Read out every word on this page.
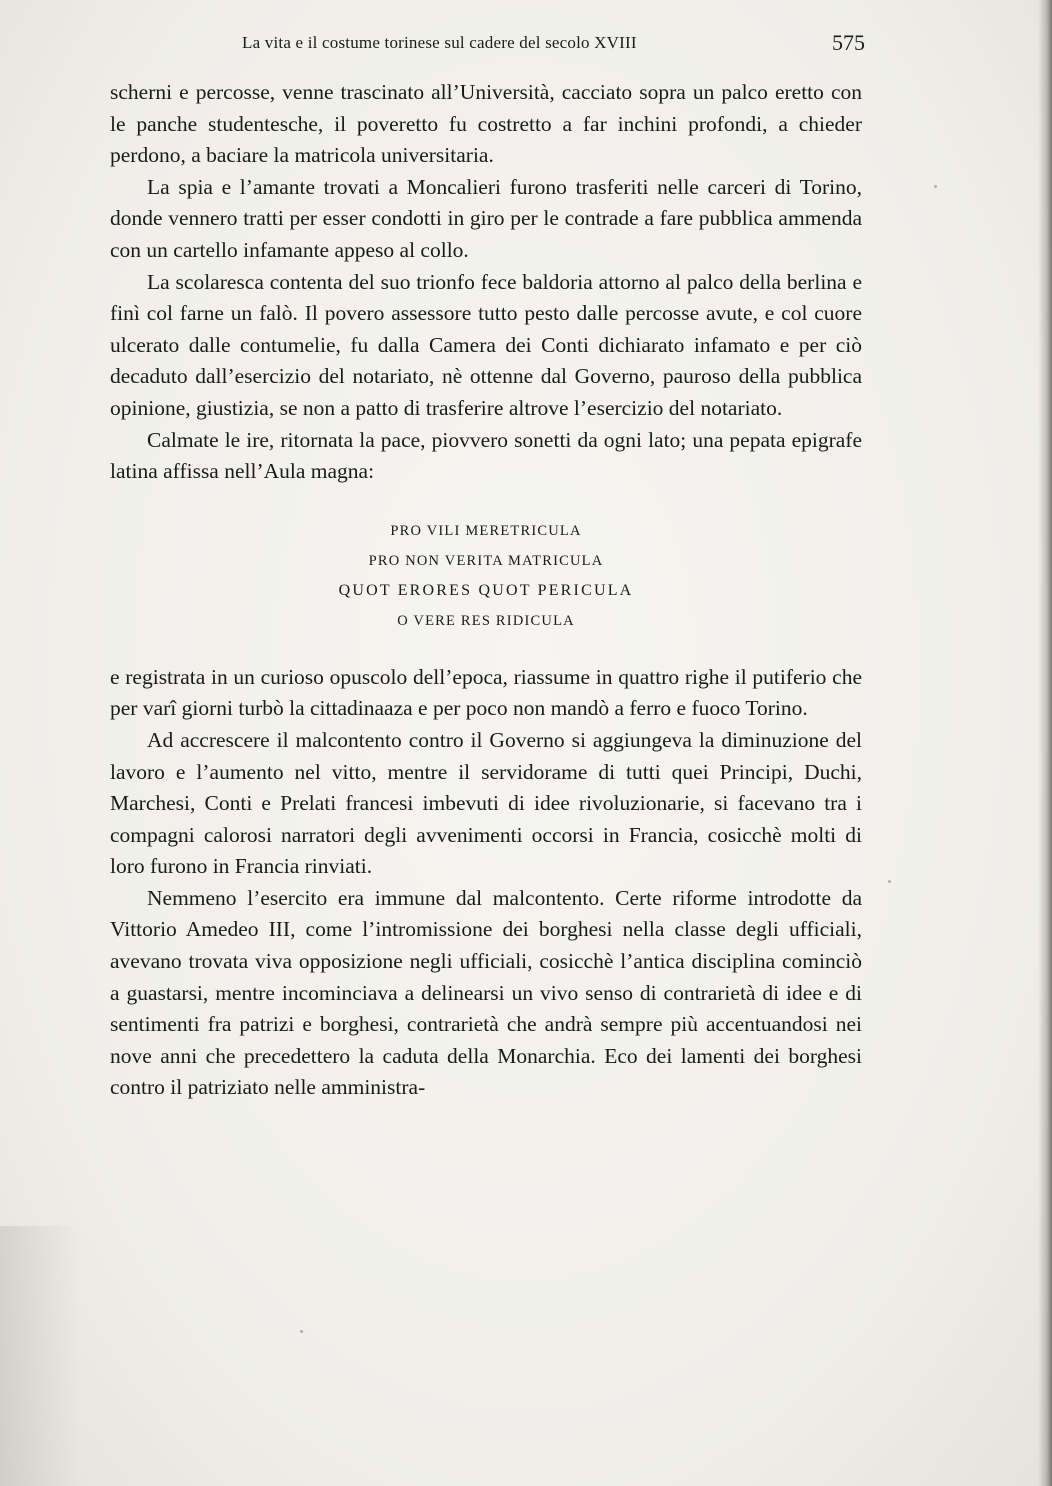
La vita e il costume torinese sul cadere del secolo XVIII	575

scherni e percosse, venne trascinato all’Università, cacciato sopra un palco eretto con le panche studentesche, il poveretto fu costretto a far inchini profondi, a chieder perdono, a baciare la matricola universitaria.

La spia e l’amante trovati a Moncalieri furono trasferiti nelle carceri di Torino, donde vennero tratti per esser condotti in giro per le contrade a fare pubblica ammenda con un cartello infamante appeso al collo.

La scolaresca contenta del suo trionfo fece baldoria attorno al palco della berlina e finì col farne un falò. Il povero assessore tutto pesto dalle percosse avute, e col cuore ulcerato dalle contumelie, fu dalla Camera dei Conti dichiarato infamato e per ciò decaduto dall’esercizio del notariato, nè ottenne dal Governo, pauroso della pubblica opinione, giustizia, se non a patto di trasferire altrove l’esercizio del notariato.

Calmate le ire, ritornata la pace, piovvero sonetti da ogni lato; una pepata epigrafe latina affissa nell’Aula magna:

PRO VILI MERETRICULA
PRO NON VERITA MATRICULA
QUOT ERORES QUOT PERICULA
O VERE RES RIDICULA

e registrata in un curioso opuscolo dell’epoca, riassume in quattro righe il putiferio che per varî giorni turbò la cittadinaaza e per poco non mandò a ferro e fuoco Torino.

Ad accrescere il malcontento contro il Governo si aggiungeva la diminuzione del lavoro e l’aumento nel vitto, mentre il servidorame di tutti quei Principi, Duchi, Marchesi, Conti e Prelati francesi imbevuti di idee rivoluzionarie, si facevano tra i compagni calorosi narratori degli avvenimenti occorsi in Francia, cosicchè molti di loro furono in Francia rinviati.

Nemmeno l’esercito era immune dal malcontento. Certe riforme introdotte da Vittorio Amedeo III, come l’intromissione dei borghesi nella classe degli ufficiali, avevano trovata viva opposizione negli ufficiali, cosicchè l’antica disciplina cominciò a guastarsi, mentre incominciava a delinearsi un vivo senso di contrarietà di idee e di sentimenti fra patrizi e borghesi, contrarietà che andrà sempre più accentuandosi nei nove anni che precedettero la caduta della Monarchia. Eco dei lamenti dei borghesi contro il patriziato nelle amministra-
